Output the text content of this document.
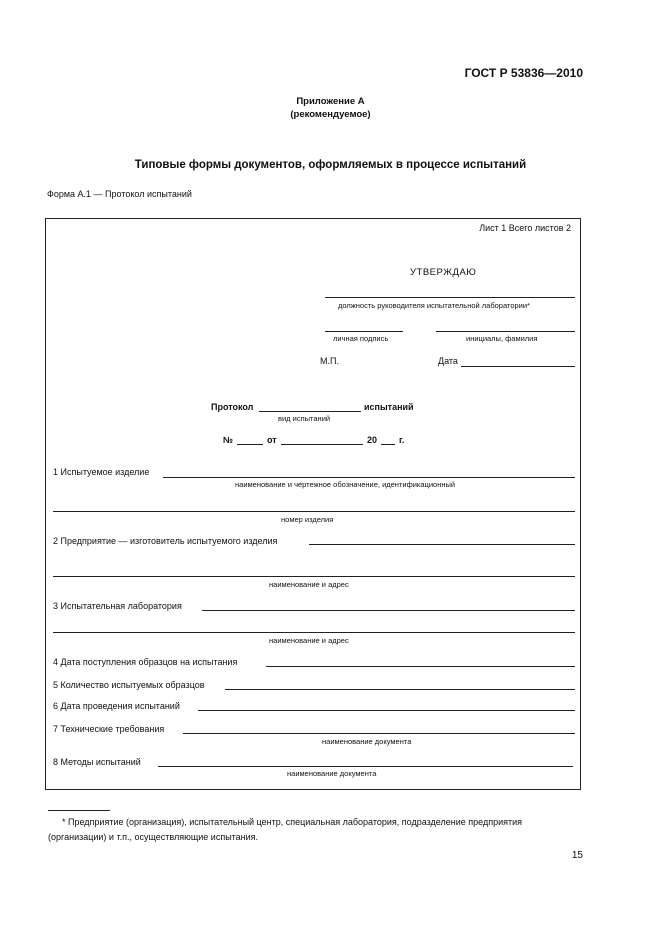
ГОСТ Р 53836—2010
Приложение А
(рекомендуемое)
Типовые формы документов, оформляемых в процессе испытаний
Форма А.1 — Протокол испытаний
Лист 1 Всего листов 2
УТВЕРЖДАЮ
должность руководителя испытательной лаборатории*
личная подпись	инициалы, фамилия
М.П.	Дата
Протокол	испытаний
вид испытаний
№	от	20 г.
1 Испытуемое изделие
наименование и чертежное обозначение, идентификационный
номер изделия
2 Предприятие — изготовитель испытуемого изделия
наименование и адрес
3 Испытательная лаборатория
наименование и адрес
4 Дата поступления образцов на испытания
5 Количество испытуемых образцов
6 Дата проведения испытаний
7 Технические требования
наименование документа
8 Методы испытаний
наименование документа
* Предприятие (организация), испытательный центр, специальная лаборатория, подразделение предприятия
(организации) и т.п., осуществляющие испытания.
15
